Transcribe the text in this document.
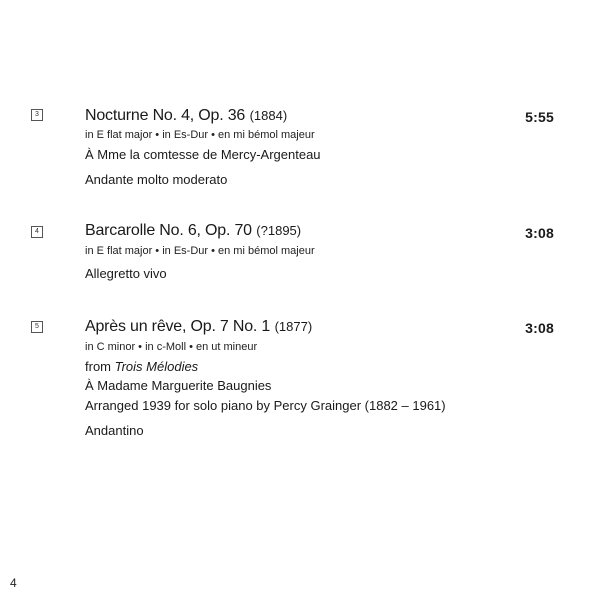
3	Nocturne No. 4, Op. 36 (1884)	5:55
in E flat major • in Es-Dur • en mi bémol majeur
À Mme la comtesse de Mercy-Argenteau
Andante molto moderato
4	Barcarolle No. 6, Op. 70 (?1895)	3:08
in E flat major • in Es-Dur • en mi bémol majeur
Allegretto vivo
5	Après un rêve, Op. 7 No. 1 (1877)	3:08
in C minor • in c-Moll • en ut mineur
from Trois Mélodies
À Madame Marguerite Baugnies
Arranged 1939 for solo piano by Percy Grainger (1882 – 1961)
Andantino
4
